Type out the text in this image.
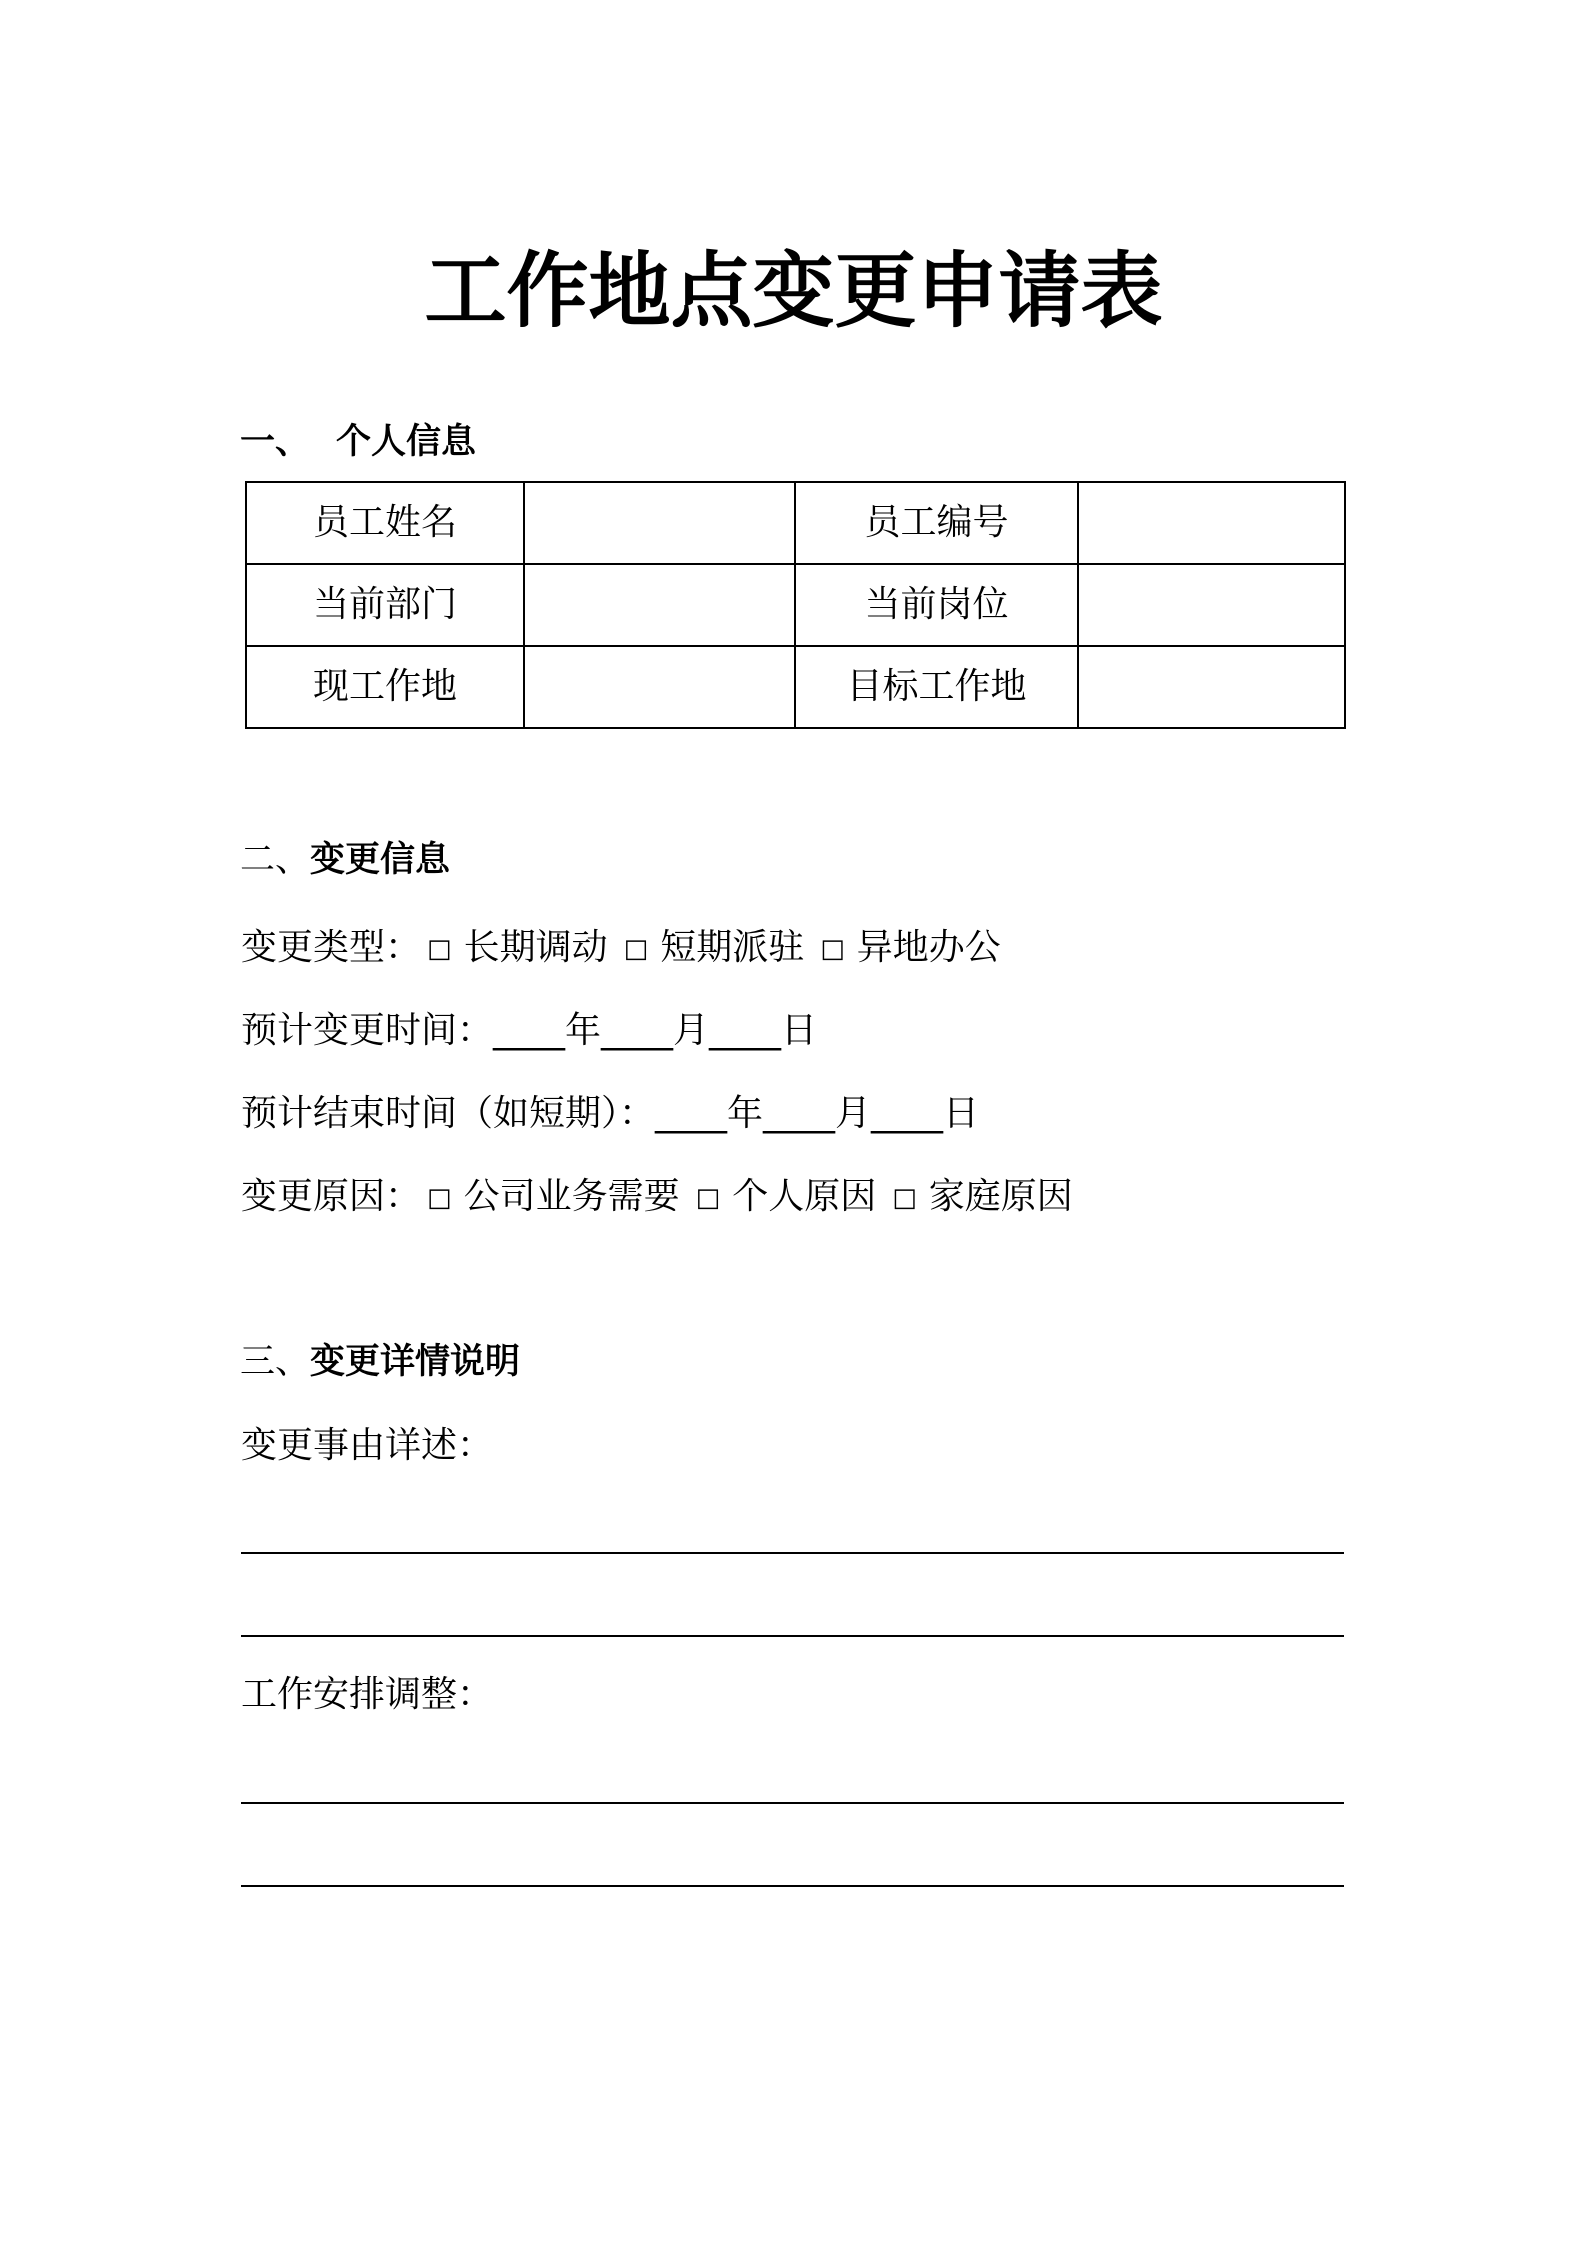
工作地点变更申请表
一、 个人信息
员工姓名		员工编号	
当前部门		当前岗位	
现工作地		目标工作地	
二、变更信息
变更类型： □ 长期调动 □ 短期派驻 □ 异地办公
预计变更时间：____年____月____日
预计结束时间（如短期）：____年____月____日
变更原因： □ 公司业务需要 □ 个人原因 □ 家庭原因
三、变更详情说明
变更事由详述：
工作安排调整：
